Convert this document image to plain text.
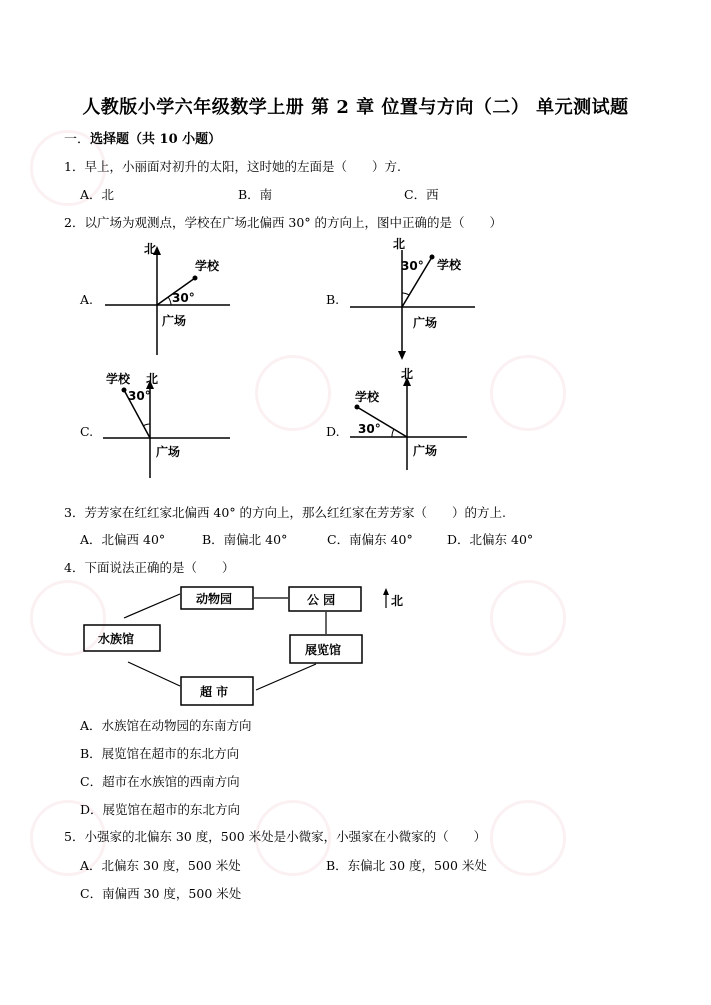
人教版小学六年级数学上册 第 2 章 位置与方向（二） 单元测试题
一．选择题（共 10 小题）
1．早上，小丽面对初升的太阳，这时她的左面是（　　）方.
A．北	B．南	C．西
2．以广场为观测点，学校在广场北偏西 30° 的方向上，图中正确的是（　　）
A.	B.
C.	D.
北
学校
30°
广场
北
30° 学校
广场
学校 北
30°
广场
北
学校
30°
广场
3．芳芳家在红红家北偏西 40° 的方向上，那么红红家在芳芳家（　　）的方上.
A．北偏西 40°	B．南偏北 40°	C．南偏东 40°	D．北偏东 40°
4．下面说法正确的是（　　）
动物园	公 园
水族馆
展览馆
超 市
北
A．水族馆在动物园的东南方向
B．展览馆在超市的东北方向
C．超市在水族馆的西南方向
D．展览馆在超市的东北方向
5．小强家的北偏东 30 度，500 米处是小微家，小强家在小微家的（　　）
A．北偏东 30 度，500 米处	B．东偏北 30 度，500 米处
C．南偏西 30 度，500 米处
